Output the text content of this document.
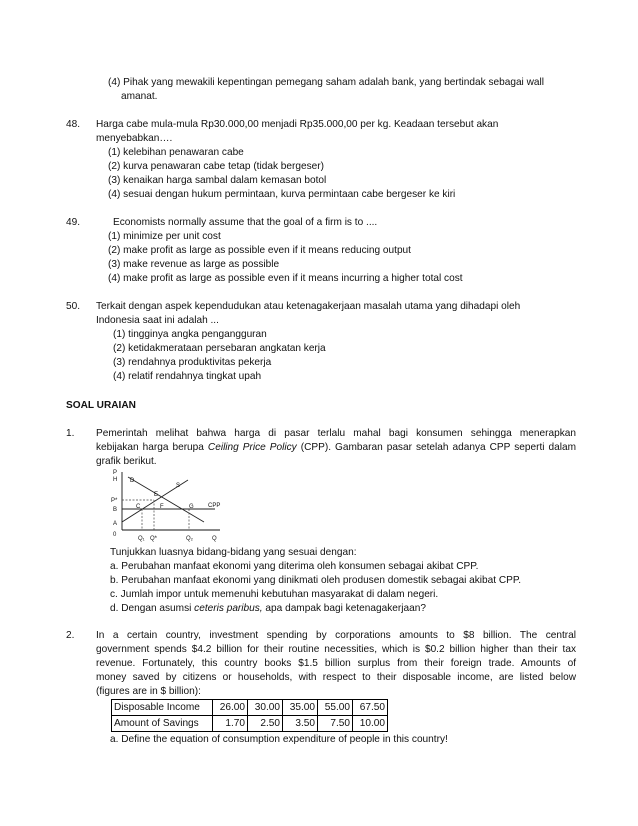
(4) Pihak yang mewakili kepentingan pemegang saham adalah bank, yang bertindak sebagai wall
amanat.
48. Harga cabe mula-mula Rp30.000,00 menjadi Rp35.000,00 per kg. Keadaan tersebut akan
menyebabkan….
(1) kelebihan penawaran cabe
(2) kurva penawaran cabe tetap (tidak bergeser)
(3) kenaikan harga sambal dalam kemasan botol
(4) sesuai dengan hukum permintaan, kurva permintaan cabe bergeser ke kiri
49.	Economists normally assume that the goal of a firm is to ....
(1) minimize per unit cost
(2) make profit as large as possible even if it means reducing output
(3) make revenue as large as possible
(4) make profit as large as possible even if it means incurring a higher total cost
50. Terkait dengan aspek kependudukan atau ketenagakerjaan masalah utama yang dihadapi oleh
Indonesia saat ini adalah ...
(1) tingginya angka pengangguran
(2) ketidakmerataan persebaran angkatan kerja
(3) rendahnya produktivitas pekerja
(4) relatif rendahnya tingkat upah
SOAL URAIAN
1. Pemerintah melihat bahwa harga di pasar terlalu mahal bagi konsumen sehingga menerapkan
kebijakan harga berupa Ceiling Price Policy (CPP). Gambaran pasar setelah adanya CPP seperti dalam
grafik berikut.
P
H
P*
B
A
0
D
S
E
C	F	G CPP
Q₁ Q*	Q₂	Q
Tunjukkan luasnya bidang-bidang yang sesuai dengan:
a. Perubahan manfaat ekonomi yang diterima oleh konsumen sebagai akibat CPP.
b. Perubahan manfaat ekonomi yang dinikmati oleh produsen domestik sebagai akibat CPP.
c. Jumlah impor untuk memenuhi kebutuhan masyarakat di dalam negeri.
d. Dengan asumsi ceteris paribus, apa dampak bagi ketenagakerjaan?
2. In a certain country, investment spending by corporations amounts to $8 billion. The central
government spends $4.2 billion for their routine necessities, which is $0.2 billion higher than their tax
revenue. Fortunately, this country books $1.5 billion surplus from their foreign trade. Amounts of
money saved by citizens or households, with respect to their disposable income, are listed below
(figures are in $ billion):
Disposable Income	26.00	30.00	35.00	55.00	67.50
Amount of Savings	1.70	2.50	3.50	7.50	10.00
a. Define the equation of consumption expenditure of people in this country!
